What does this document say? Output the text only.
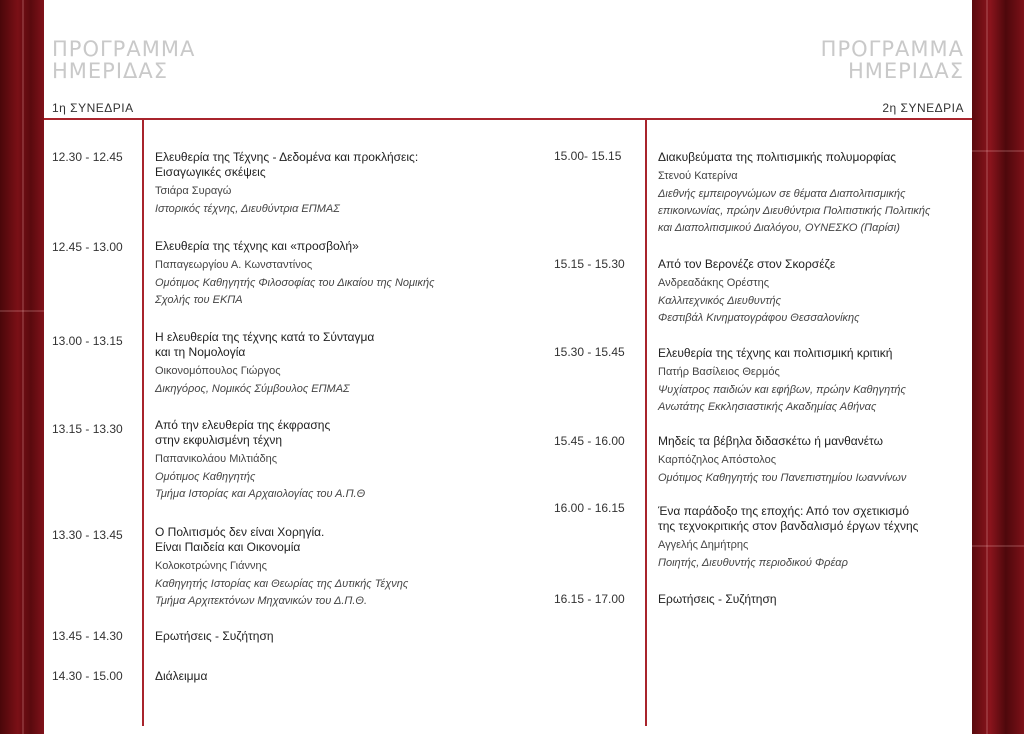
ΠΡΟΓΡΑΜΜΑ
ΗΜΕΡΙΔΑΣ
ΠΡΟΓΡΑΜΜΑ
ΗΜΕΡΙΔΑΣ
1η ΣΥΝΕΔΡΙΑ	2η ΣΥΝΕΔΡΙΑ
12.30 - 12.45	Ελευθερία της Τέχνης - Δεδομένα και προκλήσεις:
Εισαγωγικές σκέψεις
Τσιάρα Συραγώ
Ιστορικός τέχνης, Διευθύντρια ΕΠΜΑΣ
12.45 - 13.00	Ελευθερία της τέχνης και «προσβολή»
Παπαγεωργίου Α. Κωνσταντίνος
Ομότιμος Καθηγητής Φιλοσοφίας του Δικαίου της Νομικής
Σχολής του ΕΚΠΑ
13.00 - 13.15	Η ελευθερία της τέχνης κατά το Σύνταγμα
και τη Νομολογία
Οικονομόπουλος Γιώργος
Δικηγόρος, Νομικός Σύμβουλος ΕΠΜΑΣ
13.15 - 13.30	Από την ελευθερία της έκφρασης
στην εκφυλισμένη τέχνη
Παπανικολάου Μιλτιάδης
Ομότιμος Καθηγητής
Τμήμα Ιστορίας και Αρχαιολογίας του Α.Π.Θ
13.30 - 13.45	Ο Πολιτισμός δεν είναι Χορηγία.
Είναι Παιδεία και Οικονομία
Κολοκοτρώνης Γιάννης
Καθηγητής Ιστορίας και Θεωρίας της Δυτικής Τέχνης
Τμήμα Αρχιτεκτόνων Μηχανικών του Δ.Π.Θ.
13.45 - 14.30	Ερωτήσεις - Συζήτηση
14.30 - 15.00	Διάλειμμα
15.00- 15.15	Διακυβεύματα της πολιτισμικής πολυμορφίας
Στενού Κατερίνα
Διεθνής εμπειρογνώμων σε θέματα Διαπολιτισμικής
επικοινωνίας, πρώην Διευθύντρια Πολιτιστικής Πολιτικής
και Διαπολιτισμικού Διαλόγου, ΟΥΝΕΣΚΟ (Παρίσι)
15.15 - 15.30	Από τον Βερονέζε στον Σκορσέζε
Ανδρεαδάκης Ορέστης
Καλλιτεχνικός Διευθυντής
Φεστιβάλ Κινηματογράφου Θεσσαλονίκης
15.30 - 15.45	Ελευθερία της τέχνης και πολιτισμική κριτική
Πατήρ Βασίλειος Θερμός
Ψυχίατρος παιδιών και εφήβων, πρώην Καθηγητής
Ανωτάτης Εκκλησιαστικής Ακαδημίας Αθήνας
15.45 - 16.00	Μηδείς τα βέβηλα διδασκέτω ή μανθανέτω
Καρπόζηλος Απόστολος
Ομότιμος Καθηγητής του Πανεπιστημίου Ιωαννίνων
16.00 - 16.15	Ένα παράδοξο της εποχής: Από τον σχετικισμό
της τεχνοκριτικής στον βανδαλισμό έργων τέχνης
Αγγελής Δημήτρης
Ποιητής, Διευθυντής περιοδικού Φρέαρ
16.15 - 17.00	Ερωτήσεις - Συζήτηση
